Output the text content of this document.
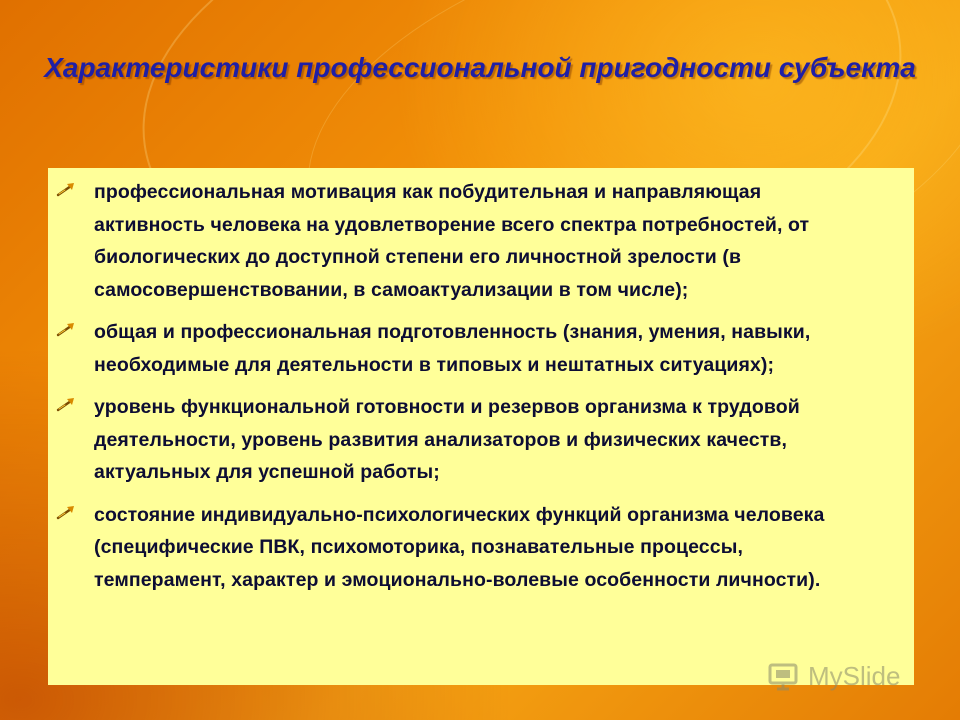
Характеристики профессиональной пригодности субъекта
профессиональная мотивация как побудительная и направляющая активность человека на удовлетворение всего спектра потребностей, от биологических до доступной степени его личностной зрелости (в самосовершенствовании, в самоактуализации в том числе);
общая и профессиональная подготовленность (знания, умения, навыки, необходимые для деятельности в типовых и нештатных ситуациях);
уровень функциональной готовности и резервов организма к трудовой деятельности, уровень развития анализаторов и физических качеств, актуальных для успешной работы;
состояние индивидуально-психологических функций организма человека (специфические ПВК, психомоторика, познавательные процессы, темперамент, характер и эмоционально-волевые особенности личности).
MySlide
